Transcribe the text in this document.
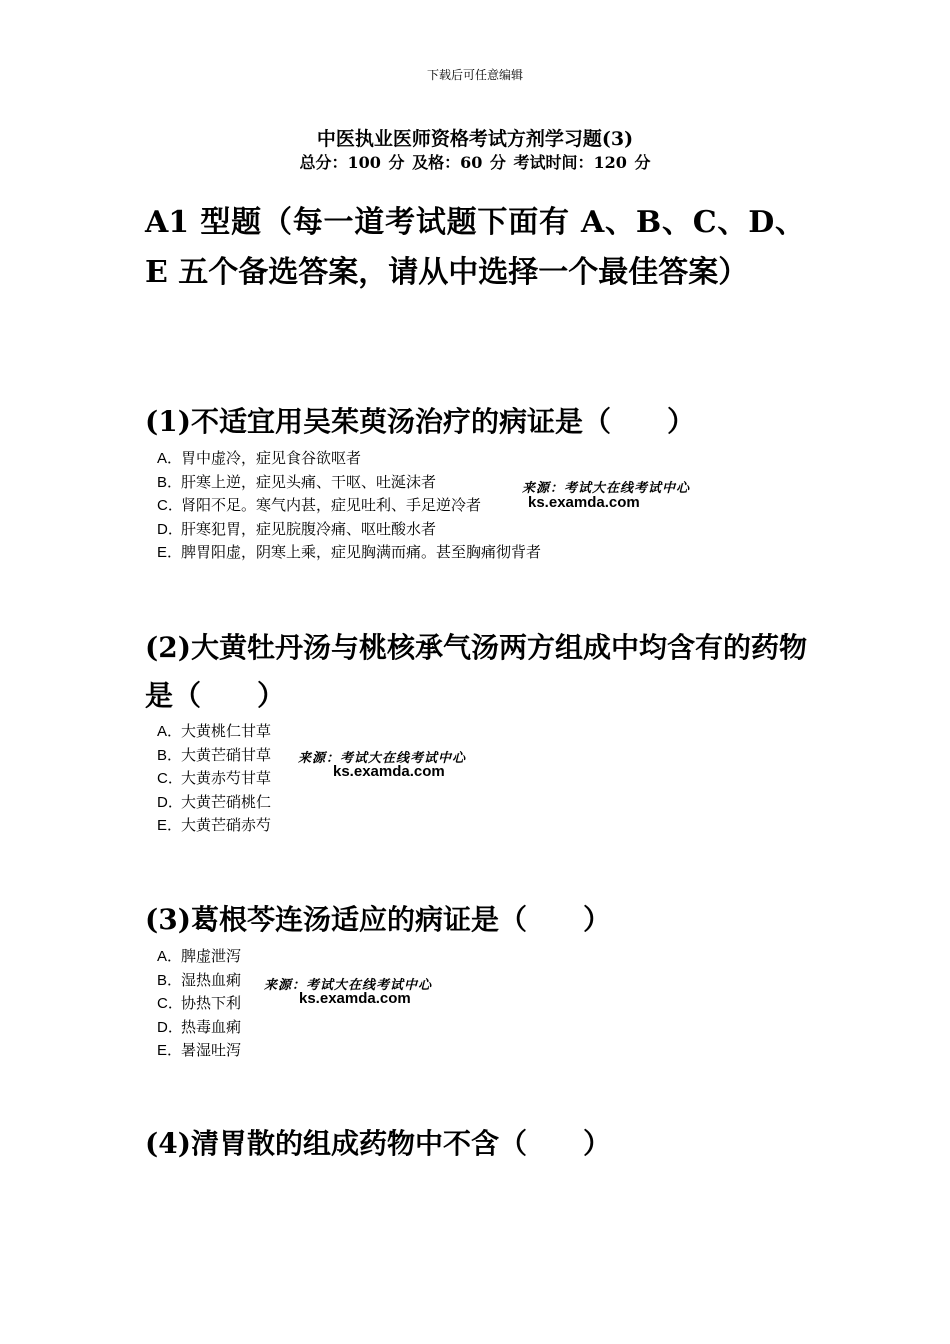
下载后可任意编辑
中医执业医师资格考试方剂学习题(3)
总分：100 分 及格：60 分 考试时间：120 分
A1 型题（每一道考试题下面有 A、B、C、D、E 五个备选答案，请从中选择一个最佳答案）
(1)不适宜用吴茱萸汤治疗的病证是（　　）
A．胃中虚冷，症见食谷欲呕者
B．肝寒上逆，症见头痛、干呕、吐涎沫者
C．肾阳不足。寒气内甚，症见吐利、手足逆冷者
D．肝寒犯胃，症见脘腹冷痛、呕吐酸水者
E．脾胃阳虚，阴寒上乘，症见胸满而痛。甚至胸痛彻背者
来源：考试大在线考试中心
ks.examda.com
(2)大黄牡丹汤与桃核承气汤两方组成中均含有的药物是（　　）
A．大黄桃仁甘草
B．大黄芒硝甘草
C．大黄赤芍甘草
D．大黄芒硝桃仁
E．大黄芒硝赤芍
来源：考试大在线考试中心
ks.examda.com
(3)葛根芩连汤适应的病证是（　　）
A．脾虚泄泻
B．湿热血痢
C．协热下利
D．热毒血痢
E．暑湿吐泻
来源：考试大在线考试中心
ks.examda.com
(4)清胃散的组成药物中不含（　　）
